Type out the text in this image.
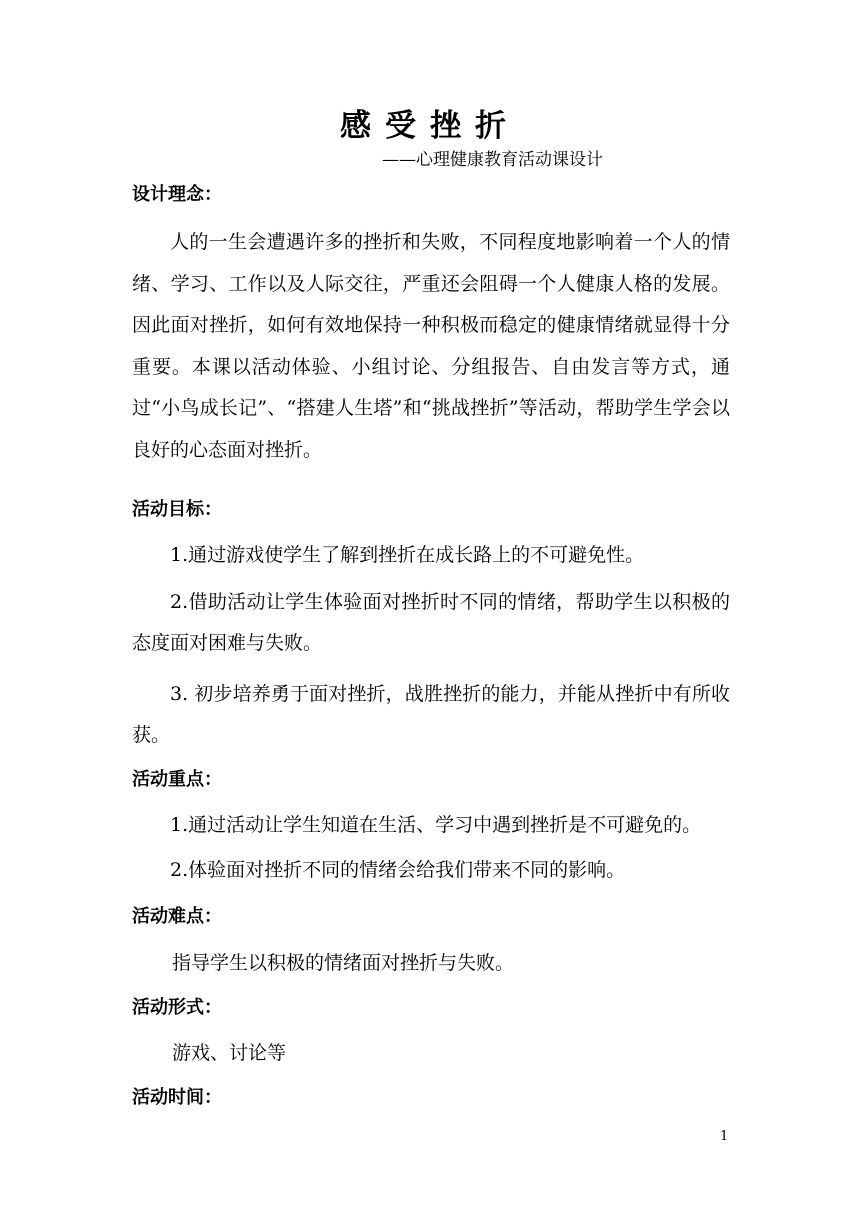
感受挫折
——心理健康教育活动课设计
设计理念：
人的一生会遭遇许多的挫折和失败，不同程度地影响着一个人的情绪、学习、工作以及人际交往，严重还会阻碍一个人健康人格的发展。因此面对挫折，如何有效地保持一种积极而稳定的健康情绪就显得十分重要。本课以活动体验、小组讨论、分组报告、自由发言等方式，通过“小鸟成长记”、“搭建人生塔”和“挑战挫折”等活动，帮助学生学会以良好的心态面对挫折。
活动目标：
1.通过游戏使学生了解到挫折在成长路上的不可避免性。
2.借助活动让学生体验面对挫折时不同的情绪，帮助学生以积极的态度面对困难与失败。
3. 初步培养勇于面对挫折，战胜挫折的能力，并能从挫折中有所收获。
活动重点：
1.通过活动让学生知道在生活、学习中遇到挫折是不可避免的。
2.体验面对挫折不同的情绪会给我们带来不同的影响。
活动难点：
指导学生以积极的情绪面对挫折与失败。
活动形式：
游戏、讨论等
活动时间：
1
